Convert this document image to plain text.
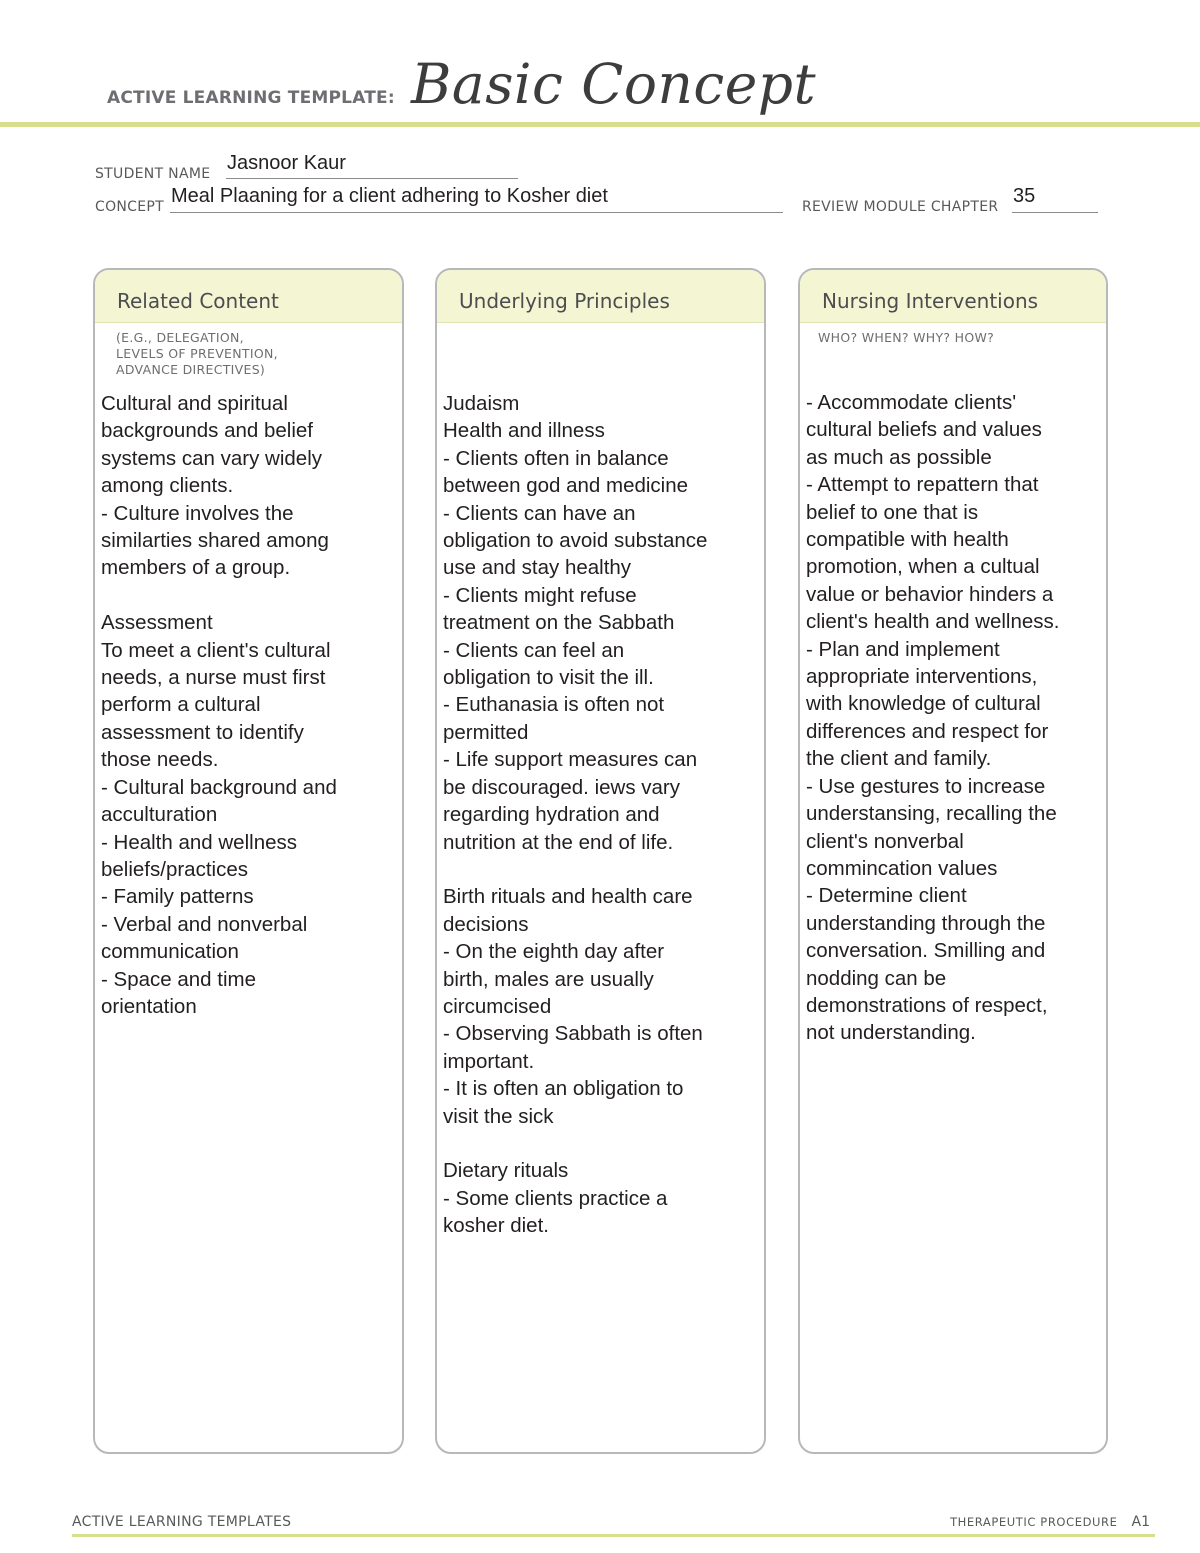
ACTIVE LEARNING TEMPLATE: Basic Concept
STUDENT NAME Jasnoor Kaur
CONCEPT Meal Plaaning for a client adhering to Kosher diet	REVIEW MODULE CHAPTER 35
Related Content
(E.G., DELEGATION,
LEVELS OF PREVENTION,
ADVANCE DIRECTIVES)
Cultural and spiritual
backgrounds and belief
systems can vary widely
among clients.
- Culture involves the
similarties shared among
members of a group.

Assessment
To meet a client's cultural
needs, a nurse must first
perform a cultural
assessment to identify
those needs.
- Cultural background and
acculturation
- Health and wellness
beliefs/practices
- Family patterns
- Verbal and nonverbal
communication
- Space and time
orientation
Underlying Principles
Judaism
Health and illness
- Clients often in balance
between god and medicine
- Clients can have an
obligation to avoid substance
use and stay healthy
- Clients might refuse
treatment on the Sabbath
- Clients can feel an
obligation to visit the ill.
- Euthanasia is often not
permitted
- Life support measures can
be discouraged. iews vary
regarding hydration and
nutrition at the end of life.

Birth rituals and health care
decisions
- On the eighth day after
birth, males are usually
circumcised
- Observing Sabbath is often
important.
- It is often an obligation to
visit the sick

Dietary rituals
- Some clients practice a
kosher diet.
Nursing Interventions
WHO? WHEN? WHY? HOW?
- Accommodate clients'
cultural beliefs and values
as much as possible
- Attempt to repattern that
belief to one that is
compatible with health
promotion, when a cultual
value or behavior hinders a
client's health and wellness.
- Plan and implement
appropriate interventions,
with knowledge of cultural
differences and respect for
the client and family.
- Use gestures to increase
understansing, recalling the
client's nonverbal
commincation values
- Determine client
understanding through the
conversation. Smilling and
nodding can be
demonstrations of respect,
not understanding.
ACTIVE LEARNING TEMPLATES	THERAPEUTIC PROCEDURE A1
